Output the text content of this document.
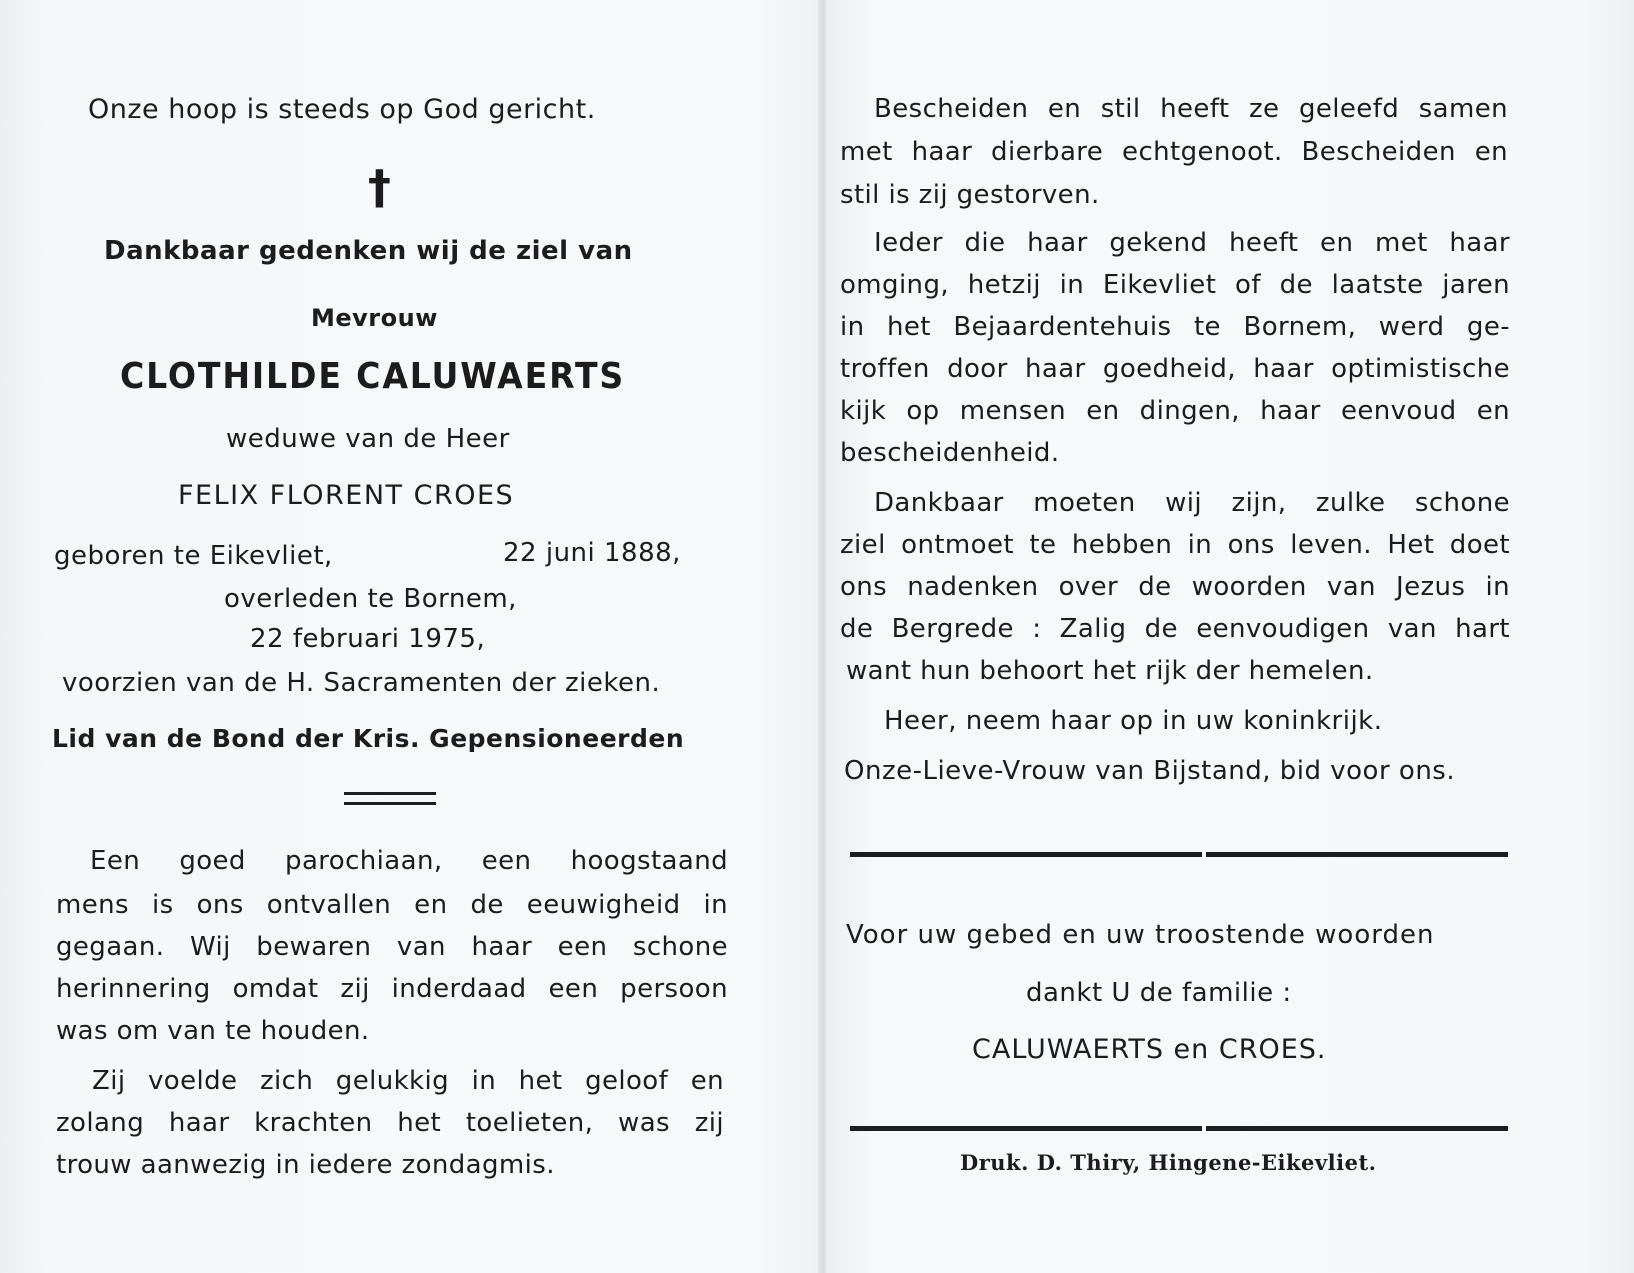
Onze hoop is steeds op God gericht.
†
Dankbaar gedenken wij de ziel van
Mevrouw
CLOTHILDE CALUWAERTS
weduwe van de Heer
FELIX FLORENT CROES
geboren te Eikevliet,	22 juni 1888,
overleden te Bornem,
22 februari 1975,
voorzien van de H. Sacramenten der zieken.
Lid van de Bond der Kris. Gepensioneerden
Een goed parochiaan, een hoogstaand
mens is ons ontvallen en de eeuwigheid in
gegaan. Wij bewaren van haar een schone
herinnering omdat zij inderdaad een persoon
was om van te houden.
Zij voelde zich gelukkig in het geloof en
zolang haar krachten het toelieten, was zij
trouw aanwezig in iedere zondagmis.
Bescheiden en stil heeft ze geleefd samen
met haar dierbare echtgenoot. Bescheiden en
stil is zij gestorven.
Ieder die haar gekend heeft en met haar
omging, hetzij in Eikevliet of de laatste jaren
in het Bejaardentehuis te Bornem, werd ge-
troffen door haar goedheid, haar optimistische
kijk op mensen en dingen, haar eenvoud en
bescheidenheid.
Dankbaar moeten wij zijn, zulke schone
ziel ontmoet te hebben in ons leven. Het doet
ons nadenken over de woorden van Jezus in
de Bergrede : Zalig de eenvoudigen van hart
want hun behoort het rijk der hemelen.
Heer, neem haar op in uw koninkrijk.
Onze-Lieve-Vrouw van Bijstand, bid voor ons.
Voor uw gebed en uw troostende woorden
dankt U de familie :
CALUWAERTS en CROES.
Druk. D. Thiry, Hingene-Eikevliet.
